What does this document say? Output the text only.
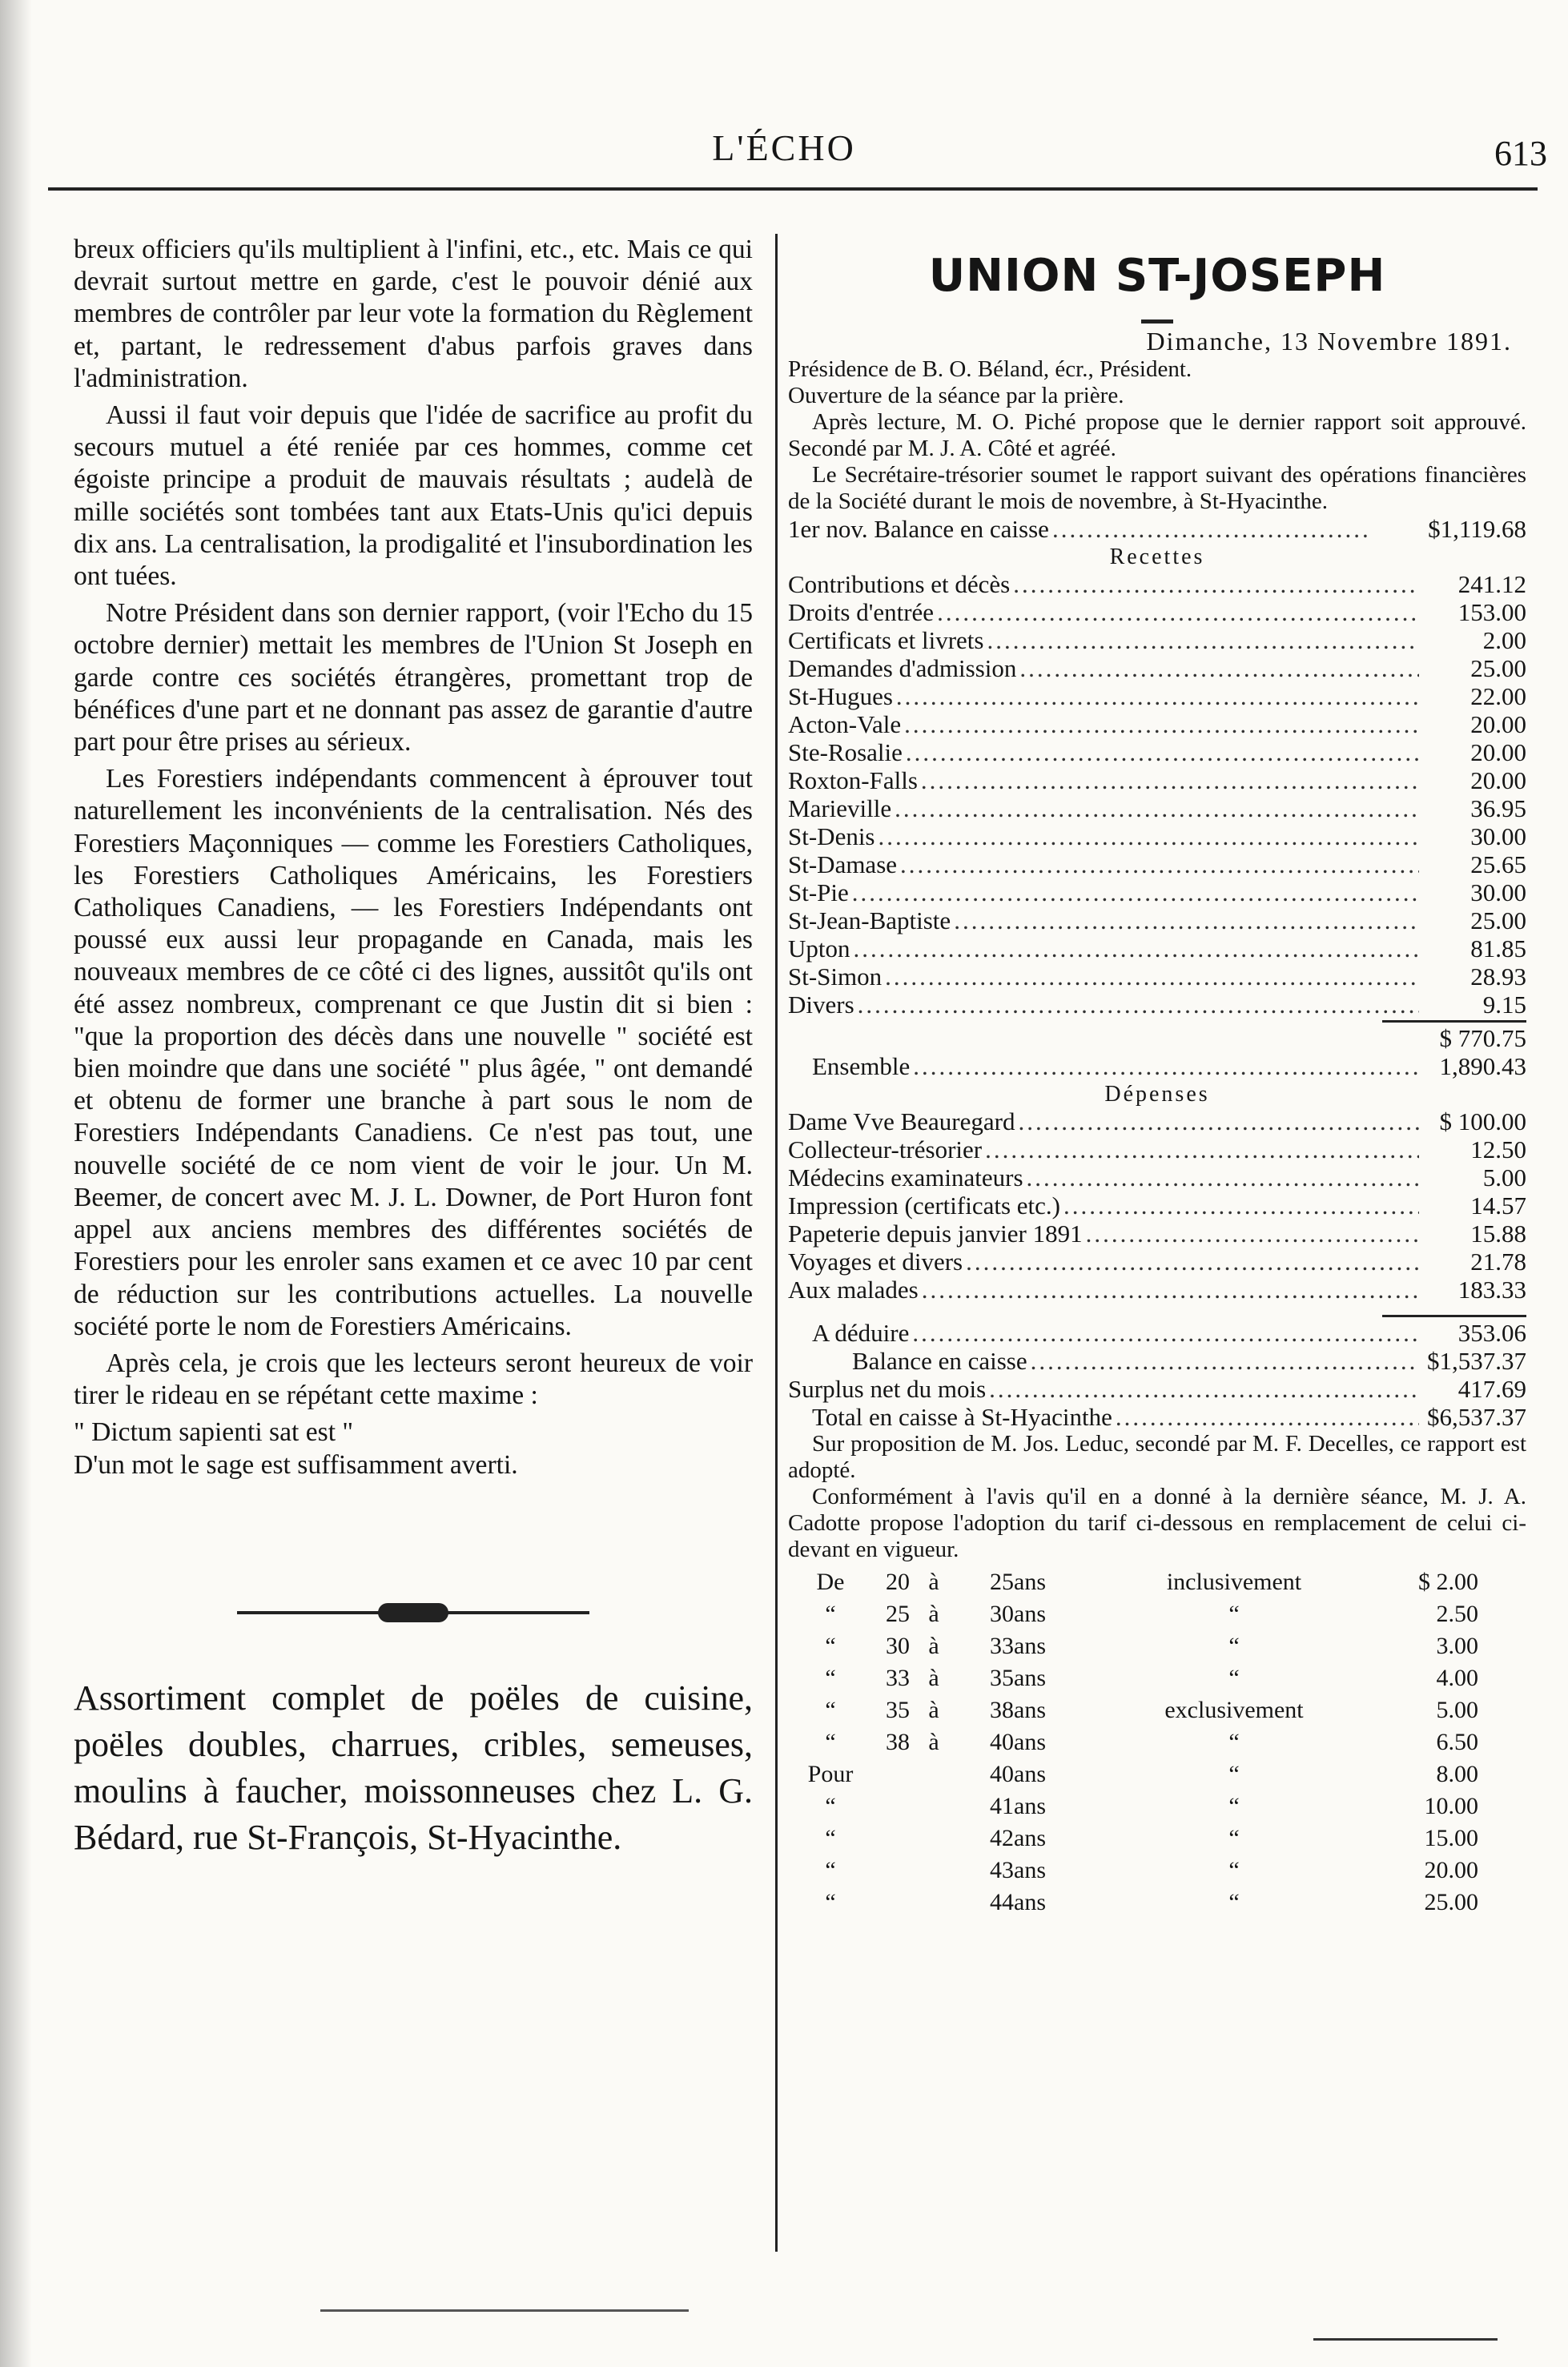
L'ÉCHO	613

breux officiers qu'ils multiplient à l'infini, etc., etc. Mais ce qui devrait surtout mettre en garde, c'est le pouvoir dénié aux membres de contrôler par leur vote la formation du Règlement et, partant, le redressement d'abus parfois graves dans l'administration.

Aussi il faut voir depuis que l'idée de sacrifice au profit du secours mutuel a été reniée par ces hommes, comme cet égoiste principe a produit de mauvais résultats ; audelà de mille sociétés sont tombées tant aux Etats-Unis qu'ici depuis dix ans. La centralisation, la prodigalité et l'insubordination les ont tuées.

Notre Président dans son dernier rapport, (voir l'Echo du 15 octobre dernier) mettait les membres de l'Union St Joseph en garde contre ces sociétés étrangères, promettant trop de bénéfices d'une part et ne donnant pas assez de garantie d'autre part pour être prises au sérieux.

Les Forestiers indépendants commencent à éprouver tout naturellement les inconvénients de la centralisation. Nés des Forestiers Maçonniques — comme les Forestiers Catholiques, les Forestiers Catholiques Américains, les Forestiers Catholiques Canadiens, — les Forestiers Indépendants ont poussé eux aussi leur propagande en Canada, mais les nouveaux membres de ce côté ci des lignes, aussitôt qu'ils ont été assez nombreux, comprenant ce que Justin dit si bien : "que la proportion des décès dans une nouvelle " société est bien moindre que dans une société " plus âgée, " ont demandé et obtenu de former une branche à part sous le nom de Forestiers Indépendants Canadiens. Ce n'est pas tout, une nouvelle société de ce nom vient de voir le jour. Un M. Beemer, de concert avec M. J. L. Downer, de Port Huron font appel aux anciens membres des différentes sociétés de Forestiers pour les enroler sans examen et ce avec 10 par cent de réduction sur les contributions actuelles. La nouvelle société porte le nom de Forestiers Américains.

Après cela, je crois que les lecteurs seront heureux de voir tirer le rideau en se répétant cette maxime :

" Dictum sapienti sat est "
D'un mot le sage est suffisamment averti.

Assortiment complet de poëles de cuisine, poëles doubles, charrues, cribles, semeuses, moulins à faucher, moissonneuses chez L. G. Bédard, rue St-François, St-Hyacinthe.
UNION ST-JOSEPH
Dimanche, 13 Novembre 1891.

Présidence de B. O. Béland, écr., Président.

Ouverture de la séance par la prière.

Après lecture, M. O. Piché propose que le dernier rapport soit approuvé. Secondé par M. J. A. Côté et agréé.

Le Secrétaire-trésorier soumet le rapport suivant des opérations financières de la Société durant le mois de novembre, à St-Hyacinthe.

1er nov. Balance en caisse .....	$1,119.68
Recettes
Contributions et décès .....	241.12
Droits d'entrée .....	153.00
Certificats et livrets .....	2.00
Demandes d'admission .....	25.00
St-Hugues .....	22.00
Acton-Vale .....	20.00
Ste-Rosalie .....	20.00
Roxton-Falls .....	20.00
Marieville .....	36.95
St-Denis .....	30.00
St-Damase .....	25.65
St-Pie .....	30.00
St-Jean-Baptiste .....	25.00
Upton .....	81.85
St-Simon .....	28.93
Divers .....	9.15
$ 770.75
Ensemble .....	1,890.43
Dépenses
Dame Vve Beauregard .....	$ 100.00
Collecteur-trésorier .....	12.50
Médecins examinateurs .....	5.00
Impression (certificats etc.) .....	14.57
Papeterie depuis janvier 1891 .....	15.88
Voyages et divers .....	21.78
Aux malades .....	183.33
A déduire .....	353.06
Balance en caisse .....	$1,537.37
Surplus net du mois .....	417.69
Total en caisse à St-Hyacinthe .....	$6,537.37

Sur proposition de M. Jos. Leduc, secondé par M. F. Decelles, ce rapport est adopté.

Conformément à l'avis qu'il en a donné à la dernière séance, M. J. A. Cadotte propose l'adoption du tarif ci-dessous en remplacement de celui ci-devant en vigueur.

De	20 à	25 ans	inclusivement	$ 2.00
“	25 à	30 ans	“	2.50
“	30 à	33 ans	“	3.00
“	33 à	35 ans	“	4.00
“	35 à	38 ans	exclusivement	5.00
“	38 à	40 ans	“	6.50
Pour	40 ans	“	8.00
“	41 ans	“	10.00
“	42 ans	“	15.00
“	43 ans	“	20.00
“	44 ans	“	25.00
